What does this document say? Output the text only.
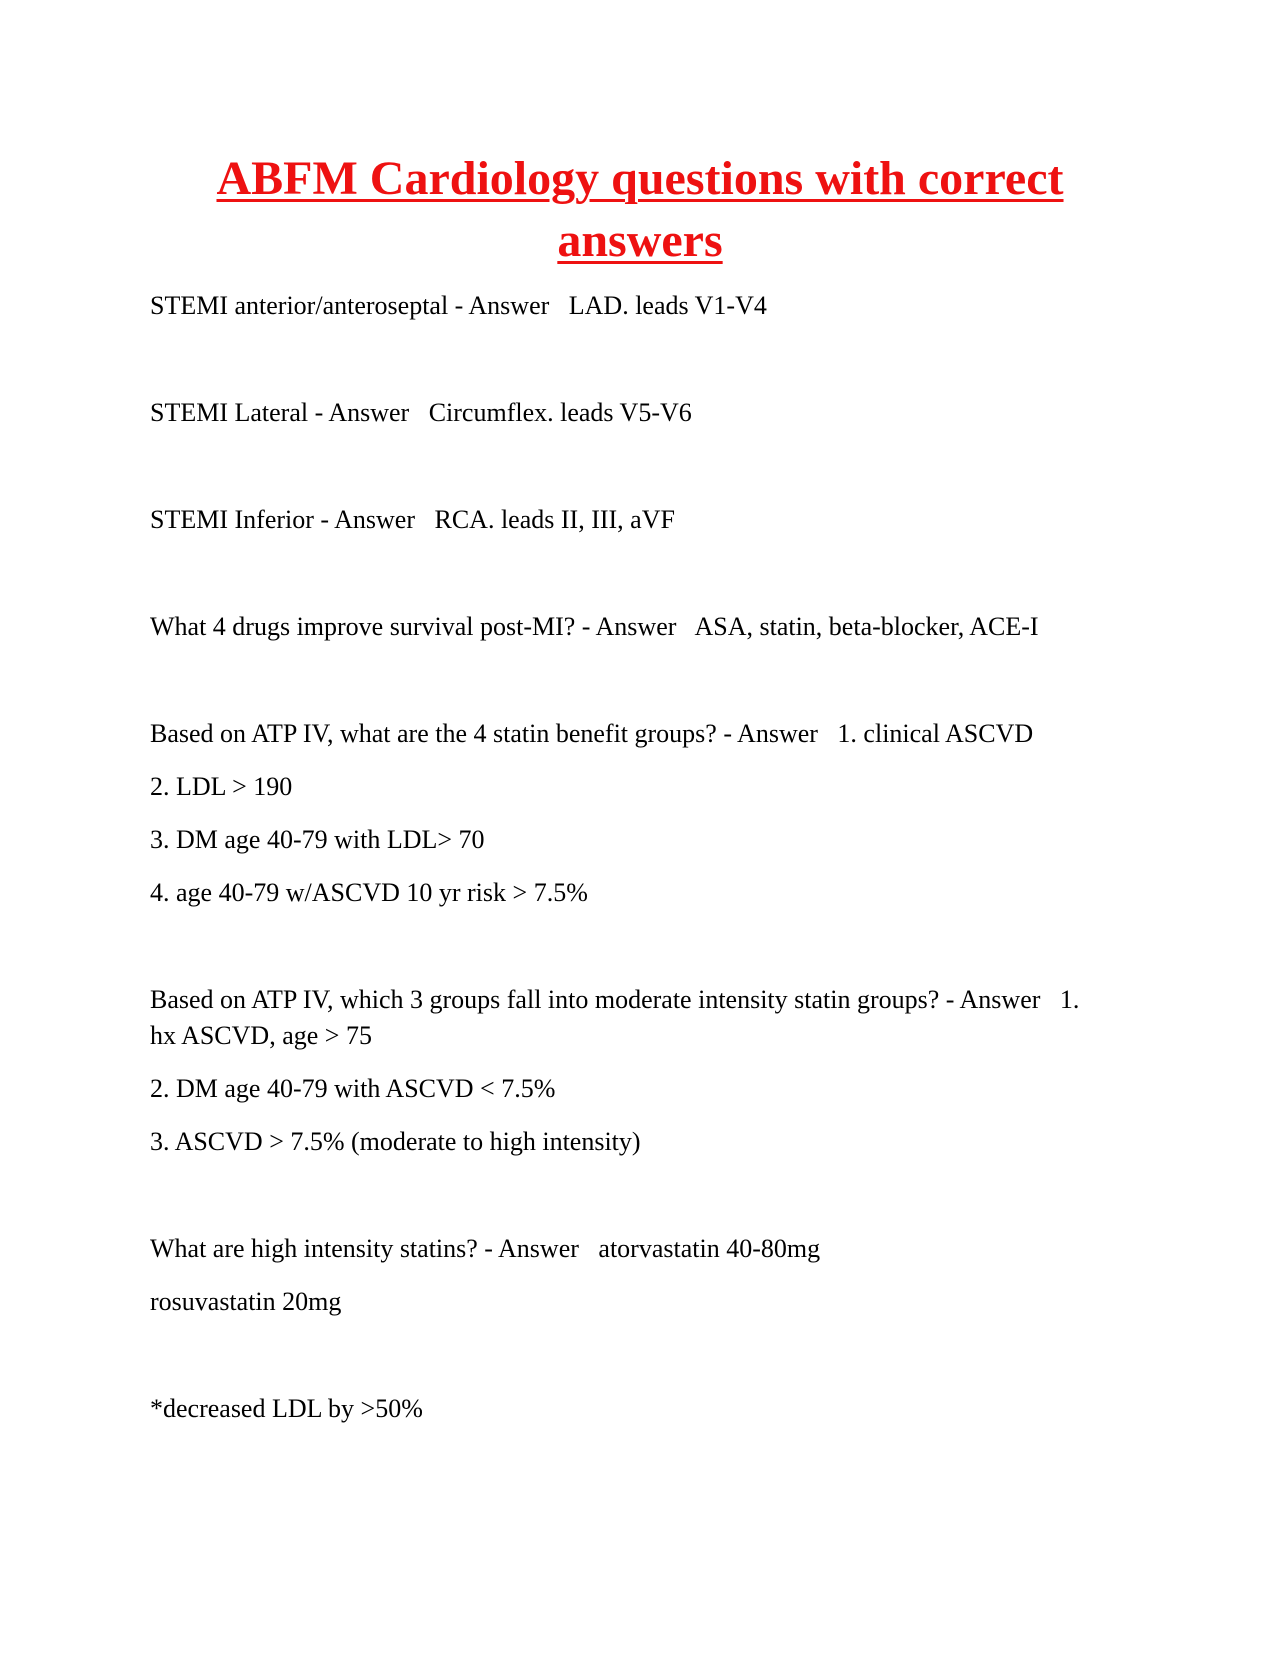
ABFM Cardiology questions with correct answers

STEMI anterior/anteroseptal - Answer   LAD. leads V1-V4

STEMI Lateral - Answer   Circumflex. leads V5-V6

STEMI Inferior - Answer   RCA. leads II, III, aVF

What 4 drugs improve survival post-MI? - Answer   ASA, statin, beta-blocker, ACE-I

Based on ATP IV, what are the 4 statin benefit groups? - Answer   1. clinical ASCVD

2. LDL > 190

3. DM age 40-79 with LDL> 70

4. age 40-79 w/ASCVD 10 yr risk > 7.5%

Based on ATP IV, which 3 groups fall into moderate intensity statin groups? - Answer   1. hx ASCVD, age > 75

2. DM age 40-79 with ASCVD < 7.5%

3. ASCVD > 7.5% (moderate to high intensity)

What are high intensity statins? - Answer   atorvastatin 40-80mg

rosuvastatin 20mg

*decreased LDL by >50%
